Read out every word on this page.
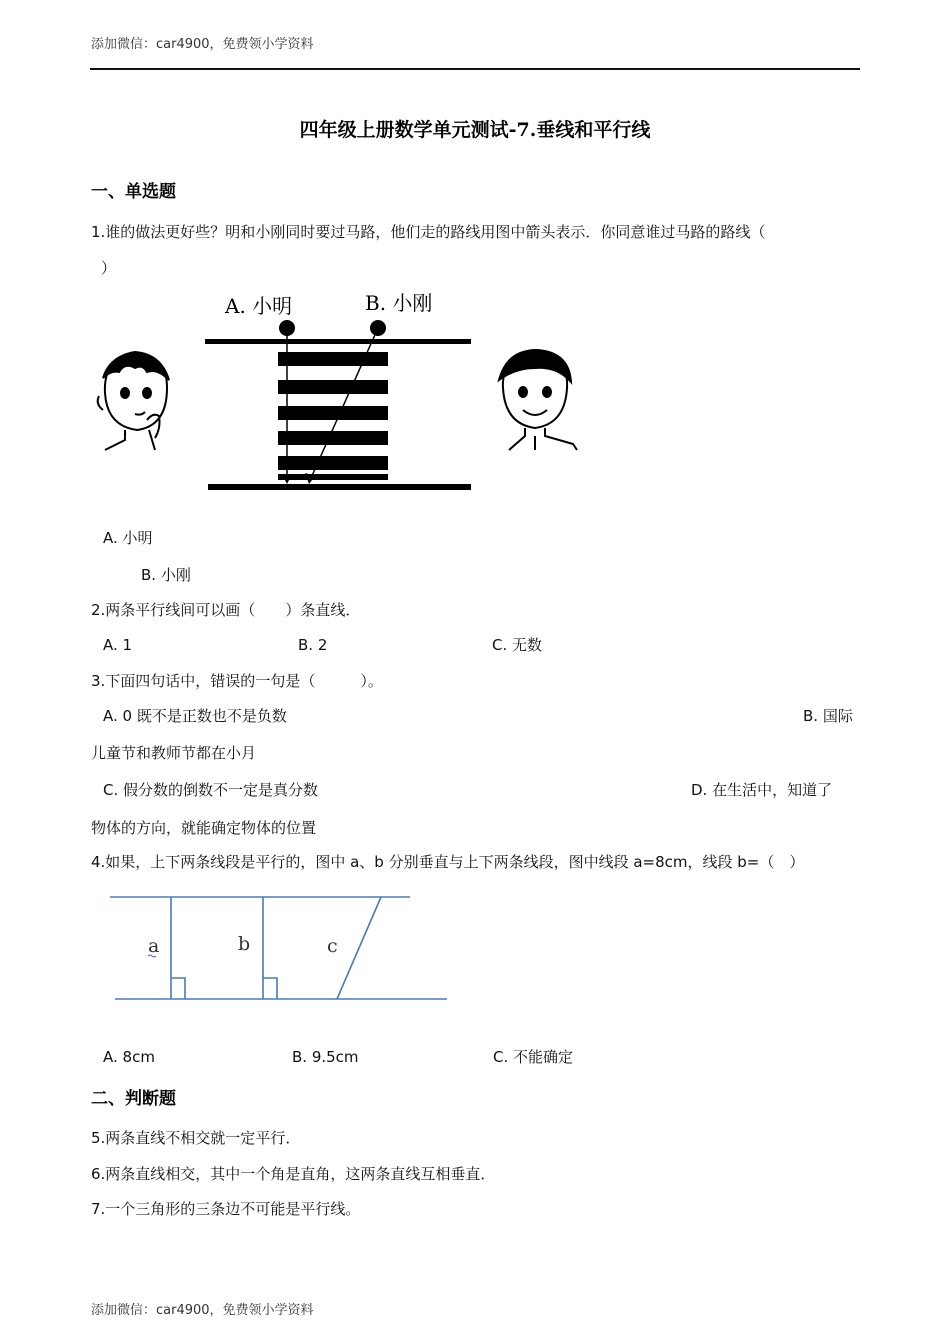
添加微信：car4900，免费领小学资料
四年级上册数学单元测试-7.垂线和平行线
一、单选题
1.谁的做法更好些？明和小刚同时要过马路，他们走的路线用图中箭头表示．你同意谁过马路的路线（
）
A. 小明	B. 小刚
A. 小明
B. 小刚
2.两条平行线间可以画（　　）条直线．
A. 1	B. 2	C. 无数
3.下面四句话中，错误的一句是（　　　）。
A. 0 既不是正数也不是负数	B. 国际
儿童节和教师节都在小月
C. 假分数的倒数不一定是真分数	D. 在生活中，知道了
物体的方向，就能确定物体的位置
4.如果，上下两条线段是平行的，图中 a、b 分别垂直与上下两条线段，图中线段 a=8cm，线段 b=（　）
a	b	c
A. 8cm	B. 9.5cm	C. 不能确定
二、判断题
5.两条直线不相交就一定平行．
6.两条直线相交，其中一个角是直角，这两条直线互相垂直．
7.一个三角形的三条边不可能是平行线。
添加微信：car4900，免费领小学资料
